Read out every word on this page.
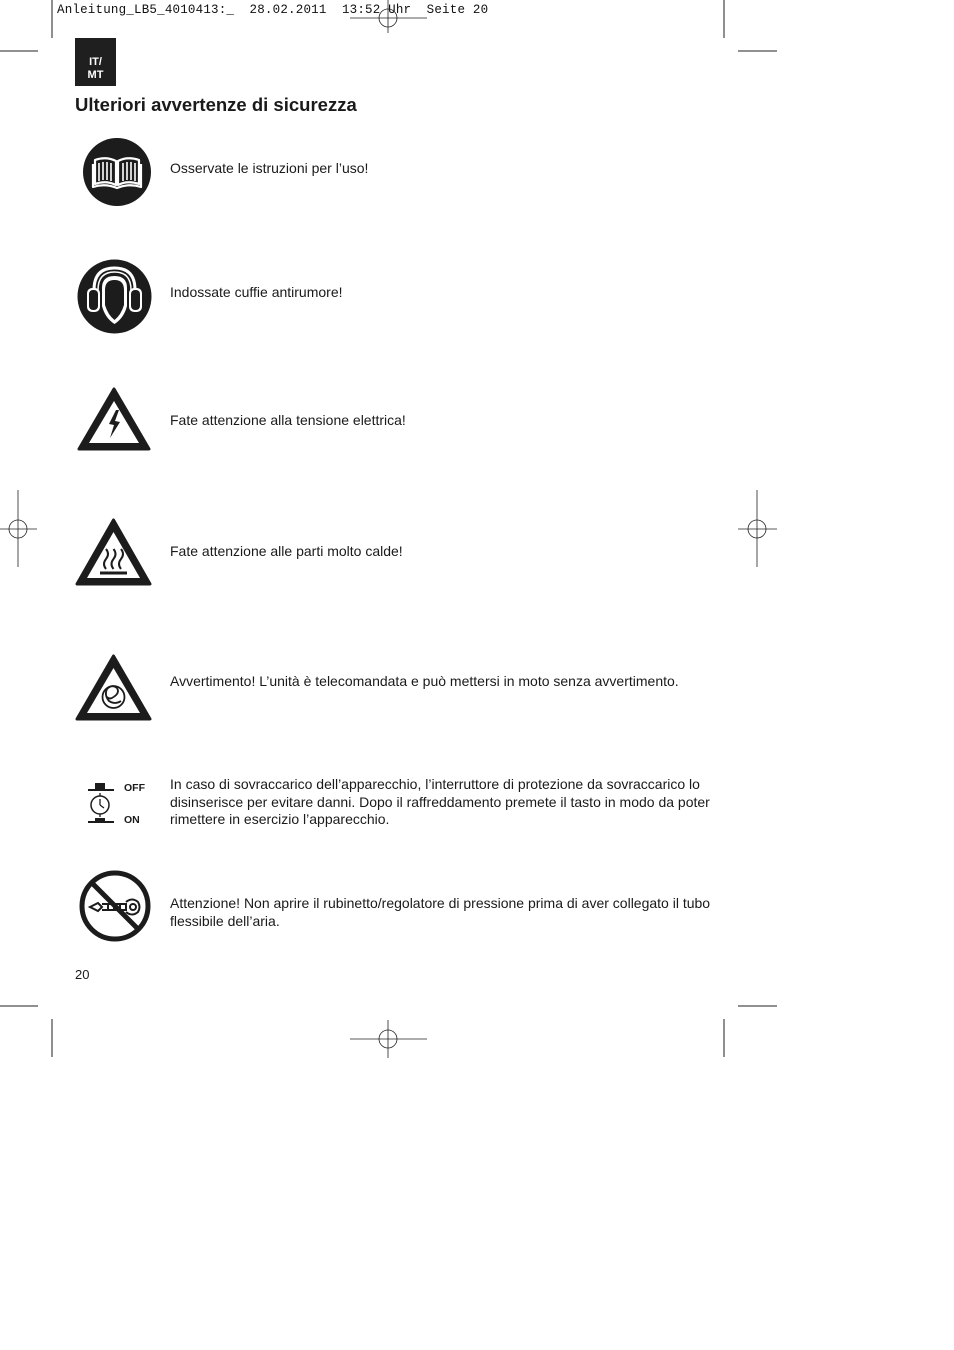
Anleitung_LB5_4010413:_  28.02.2011  13:52 Uhr  Seite 20
IT/
MT
Ulteriori avvertenze di sicurezza
Osservate le istruzioni per l’uso!
Indossate cuffie antirumore!
Fate attenzione alla tensione elettrica!
Fate attenzione alle parti molto calde!
Avvertimento! L’unità è telecomandata e può mettersi in moto senza avvertimento.
OFF
ON
In caso di sovraccarico dell’apparecchio, l’interruttore di protezione da sovraccarico lo disinserisce per evitare danni. Dopo il raffreddamento premete il tasto in modo da poter rimettere in esercizio l’apparecchio.
Attenzione! Non aprire il rubinetto/regolatore di pressione prima di aver collegato il tubo flessibile dell’aria.
20
